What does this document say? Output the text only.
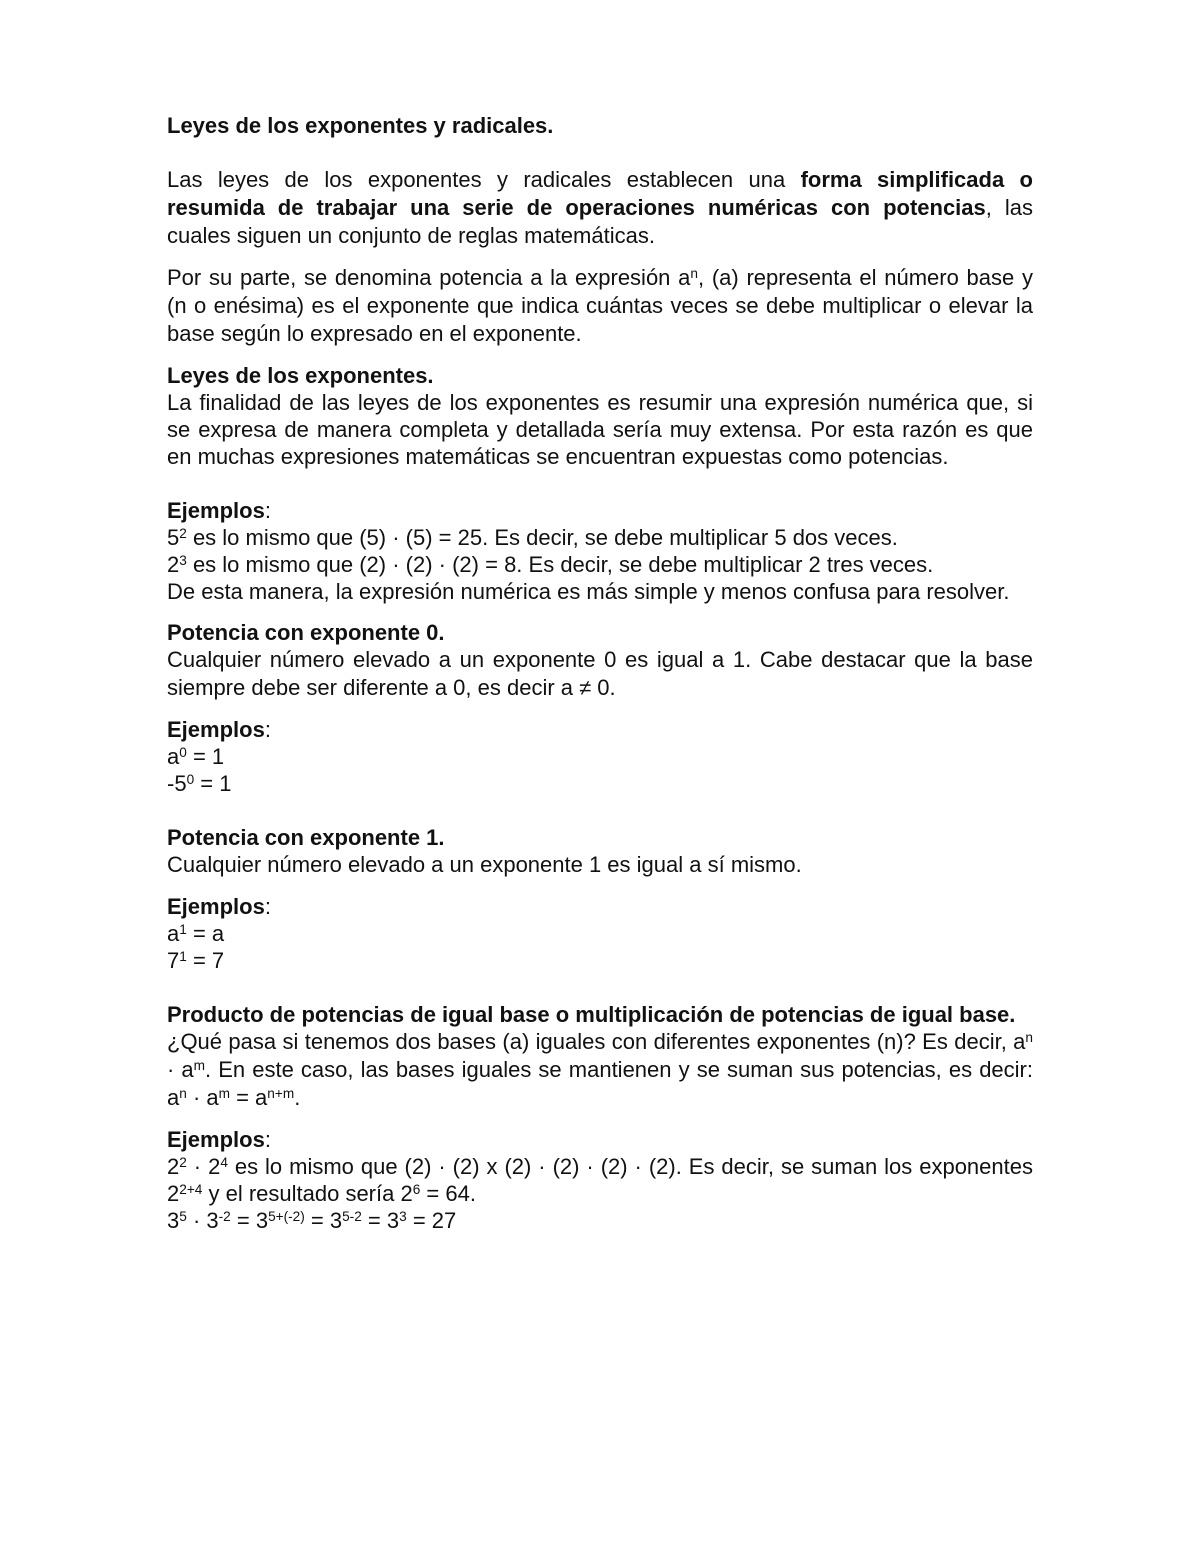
Leyes de los exponentes y radicales.

Las leyes de los exponentes y radicales establecen una forma simplificada o resumida de trabajar una serie de operaciones numéricas con potencias, las cuales siguen un conjunto de reglas matemáticas.

Por su parte, se denomina potencia a la expresión $a^n$, (a) representa el número base y (n o enésima) es el exponente que indica cuántas veces se debe multiplicar o elevar la base según lo expresado en el exponente.

Leyes de los exponentes.

La finalidad de las leyes de los exponentes es resumir una expresión numérica que, si se expresa de manera completa y detallada sería muy extensa. Por esta razón es que en muchas expresiones matemáticas se encuentran expuestas como potencias.

Ejemplos:
$5^2$ es lo mismo que (5) · (5) = 25. Es decir, se debe multiplicar 5 dos veces.
$2^3$ es lo mismo que (2) · (2) · (2) = 8. Es decir, se debe multiplicar 2 tres veces.
De esta manera, la expresión numérica es más simple y menos confusa para resolver.
Potencia con exponente 0.

Cualquier número elevado a un exponente 0 es igual a 1. Cabe destacar que la base siempre debe ser diferente a 0, es decir a ≠ 0.

Ejemplos:
$a^0 = 1$
$-5^0 = 1$
Potencia con exponente 1.

Cualquier número elevado a un exponente 1 es igual a sí mismo.

Ejemplos:
$a^1 = a$
$7^1 = 7$
Producto de potencias de igual base o multiplicación de potencias de igual base.

¿Qué pasa si tenemos dos bases (a) iguales con diferentes exponentes (n)? Es decir, $a^n \cdot a^m$. En este caso, las bases iguales se mantienen y se suman sus potencias, es decir: $a^n \cdot a^m = a^{n+m}$.

Ejemplos:
$2^2 \cdot 2^4$ es lo mismo que (2) · (2) x (2) · (2) · (2) · (2). Es decir, se suman los exponentes $2^{2+4}$ y el resultado sería $2^6 = 64$.
$3^5 \cdot 3^{-2} = 3^{5+(-2)} = 3^{5-2} = 3^3 = 27$
